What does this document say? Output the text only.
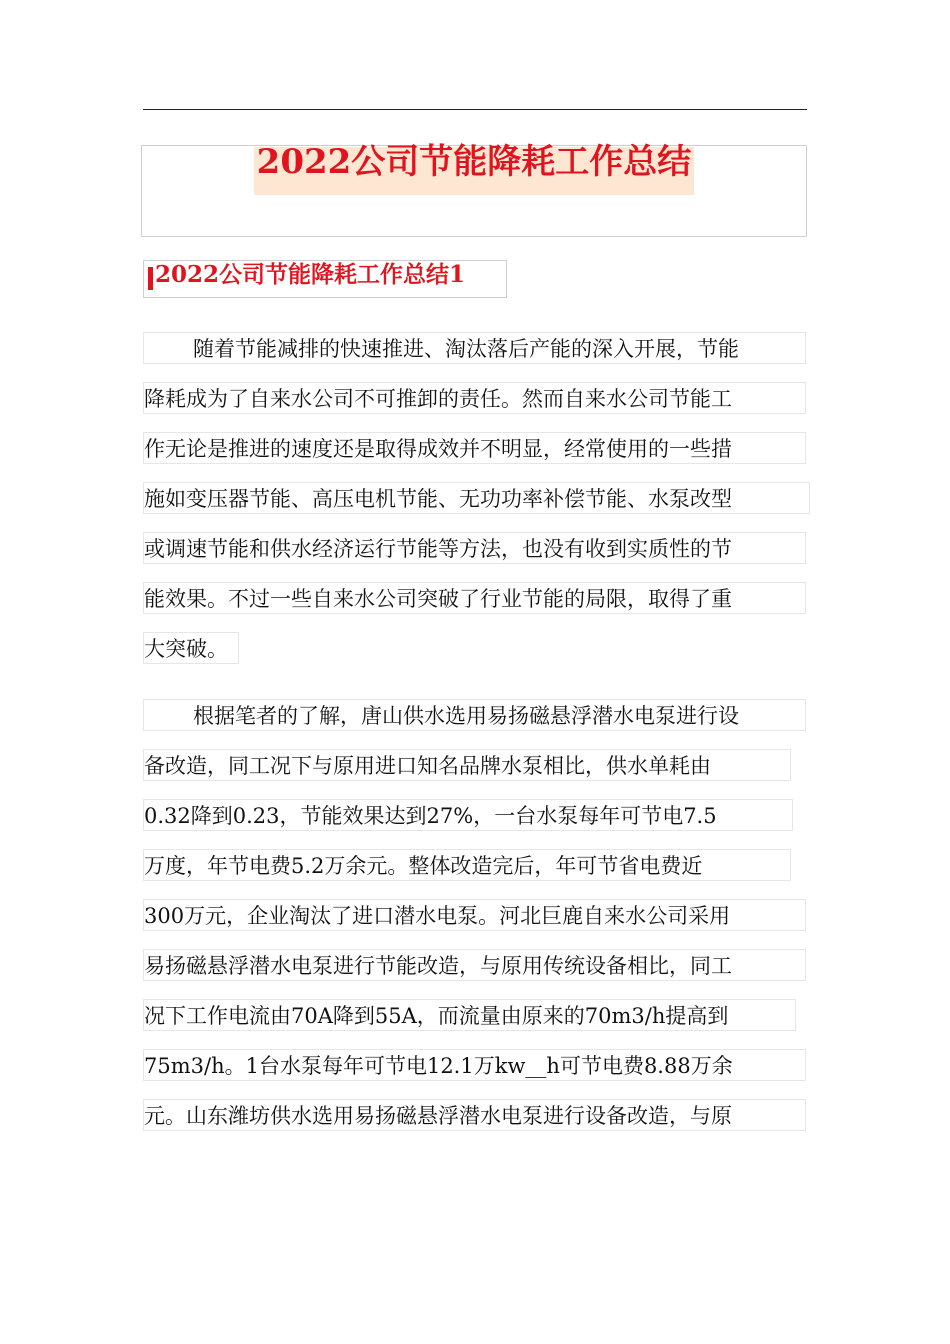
2022公司节能降耗工作总结
2022公司节能降耗工作总结1
随着节能减排的快速推进、淘汰落后产能的深入开展，节能
降耗成为了自来水公司不可推卸的责任。然而自来水公司节能工
作无论是推进的速度还是取得成效并不明显，经常使用的一些措
施如变压器节能、高压电机节能、无功功率补偿节能、水泵改型
或调速节能和供水经济运行节能等方法，也没有收到实质性的节
能效果。不过一些自来水公司突破了行业节能的局限，取得了重
大突破。
根据笔者的了解，唐山供水选用易扬磁悬浮潜水电泵进行设
备改造，同工况下与原用进口知名品牌水泵相比，供水单耗由
0.32降到0.23，节能效果达到27%，一台水泵每年可节电7.5
万度，年节电费5.2万余元。整体改造完后，年可节省电费近
300万元，企业淘汰了进口潜水电泵。河北巨鹿自来水公司采用
易扬磁悬浮潜水电泵进行节能改造，与原用传统设备相比，同工
况下工作电流由70A降到55A，而流量由原来的70m3/h提高到
75m3/h。1台水泵每年可节电12.1万kw__h可节电费8.88万余
元。山东潍坊供水选用易扬磁悬浮潜水电泵进行设备改造，与原
